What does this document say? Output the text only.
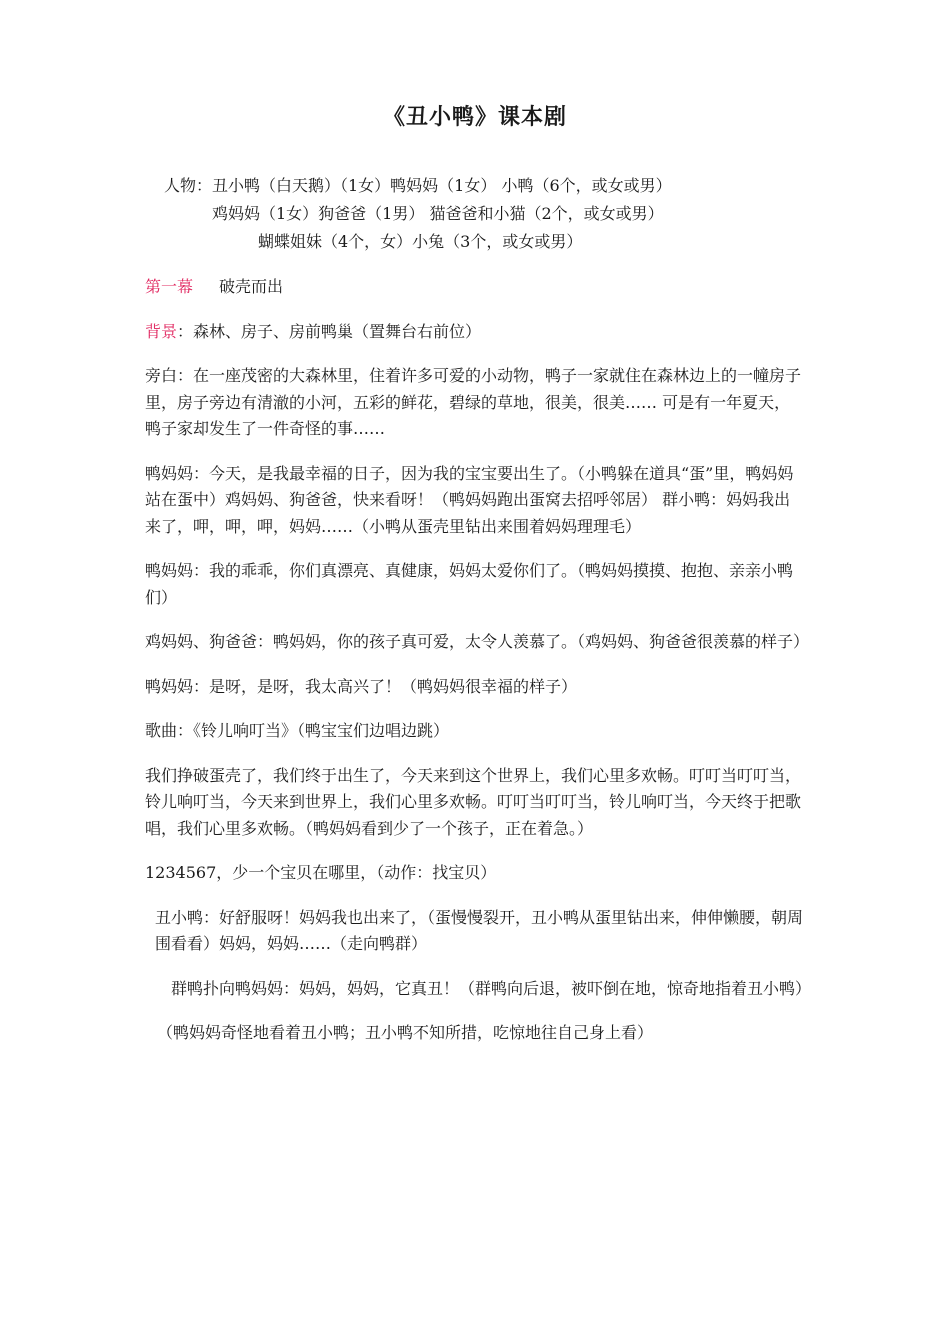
《丑小鸭》课本剧
人物：丑小鸭（白天鹅）（1女）鸭妈妈（1女） 小鸭（6个，或女或男）
鸡妈妈（1女）狗爸爸（1男） 猫爸爸和小猫（2个，或女或男）
蝴蝶姐妹（4个，女）小兔（3个，或女或男）

第一幕 破壳而出

背景：森林、房子、房前鸭巢（置舞台右前位）

旁白：在一座茂密的大森林里，住着许多可爱的小动物，鸭子一家就住在森林边上的一幢房子里，房子旁边有清澈的小河，五彩的鲜花，碧绿的草地，很美，很美…… 可是有一年夏天，鸭子家却发生了一件奇怪的事……

鸭妈妈：今天，是我最幸福的日子，因为我的宝宝要出生了。（小鸭躲在道具“蛋”里，鸭妈妈站在蛋中）鸡妈妈、狗爸爸，快来看呀！（鸭妈妈跑出蛋窝去招呼邻居） 群小鸭：妈妈我出来了，呷，呷，呷，妈妈……（小鸭从蛋壳里钻出来围着妈妈理理毛）

鸭妈妈：我的乖乖，你们真漂亮、真健康，妈妈太爱你们了。（鸭妈妈摸摸、抱抱、亲亲小鸭们）

鸡妈妈、狗爸爸：鸭妈妈，你的孩子真可爱，太令人羡慕了。（鸡妈妈、狗爸爸很羡慕的样子）

鸭妈妈：是呀，是呀，我太高兴了！（鸭妈妈很幸福的样子）

歌曲：《铃儿响叮当》（鸭宝宝们边唱边跳）

我们挣破蛋壳了，我们终于出生了，今天来到这个世界上，我们心里多欢畅。叮叮当叮叮当，铃儿响叮当，今天来到世界上，我们心里多欢畅。叮叮当叮叮当，铃儿响叮当，今天终于把歌唱，我们心里多欢畅。（鸭妈妈看到少了一个孩子，正在着急。）

1234567，少一个宝贝在哪里，（动作：找宝贝）

丑小鸭：好舒服呀！妈妈我也出来了，（蛋慢慢裂开，丑小鸭从蛋里钻出来，伸伸懒腰，朝周围看看）妈妈，妈妈……（走向鸭群）

群鸭扑向鸭妈妈：妈妈，妈妈，它真丑！（群鸭向后退，被吓倒在地，惊奇地指着丑小鸭）

（鸭妈妈奇怪地看着丑小鸭；丑小鸭不知所措，吃惊地往自己身上看）
